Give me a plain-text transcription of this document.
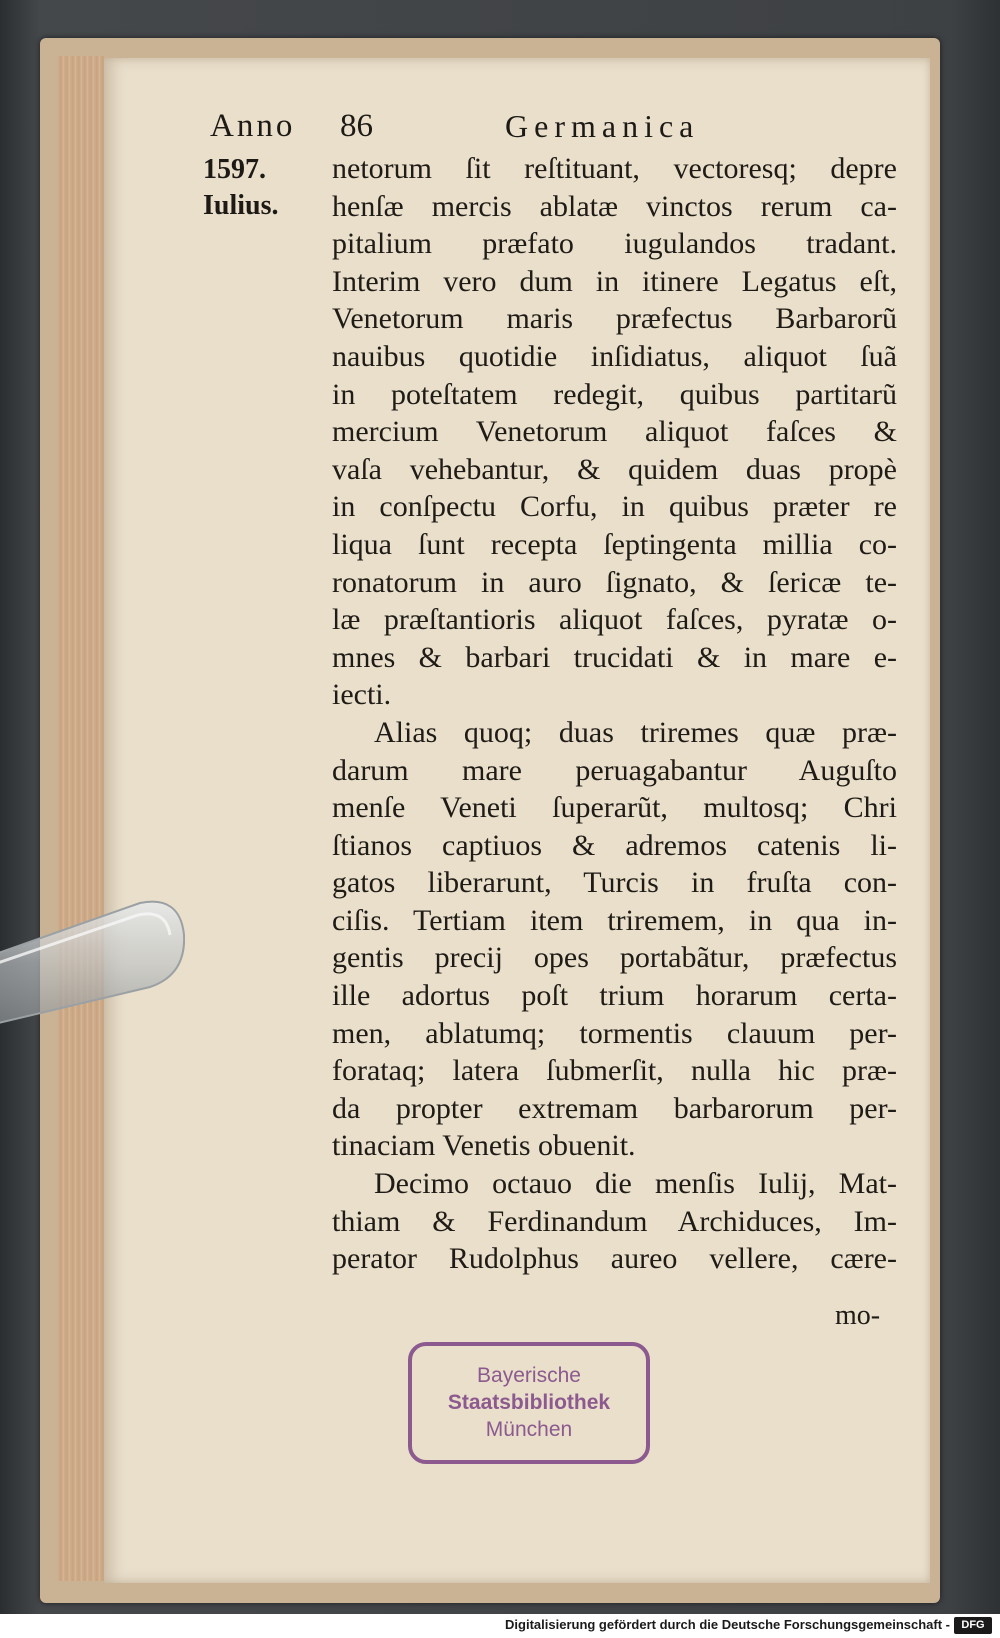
Anno 86	Germanica
1597.
Iulius.
netorum ſit reſtituant, vectoresq; depre
henſæ mercis ablatæ vinctos rerum ca-
pitalium præfato iugulandos tradant.
Interim vero dum in itinere Legatus eſt,
Venetorum maris præfectus Barbarorũ
nauibus quotidie inſidiatus, aliquot ſuã
in poteſtatem redegit, quibus partitarũ
mercium Venetorum aliquot faſces &
vaſa vehebantur, & quidem duas propè
in conſpectu Corfu, in quibus præter re
liqua ſunt recepta ſeptingenta millia co-
ronatorum in auro ſignato, & ſericæ te-
læ præſtantioris aliquot faſces, pyratæ o-
mnes & barbari trucidati & in mare e-
iecti.
Alias quoq; duas triremes quæ præ-
darum mare peruagabantur Auguſto
menſe Veneti ſuperarũt, multosq; Chri
ſtianos captiuos & adremos catenis li-
gatos liberarunt, Turcis in fruſta con-
ciſis. Tertiam item triremem, in qua in-
gentis precij opes portabãtur, præfectus
ille adortus poſt trium horarum certa-
men, ablatumq; tormentis clauum per-
forataq; latera ſubmerſit, nulla hic præ-
da propter extremam barbarorum per-
tinaciam Venetis obuenit.
Decimo octauo die menſis Iulij, Mat-
thiam & Ferdinandum Archiduces, Im-
perator Rudolphus aureo vellere, cære-
mo-
Bayerische
Staatsbibliothek
München
Digitalisierung gefördert durch die Deutsche Forschungsgemeinschaft -	DFG
